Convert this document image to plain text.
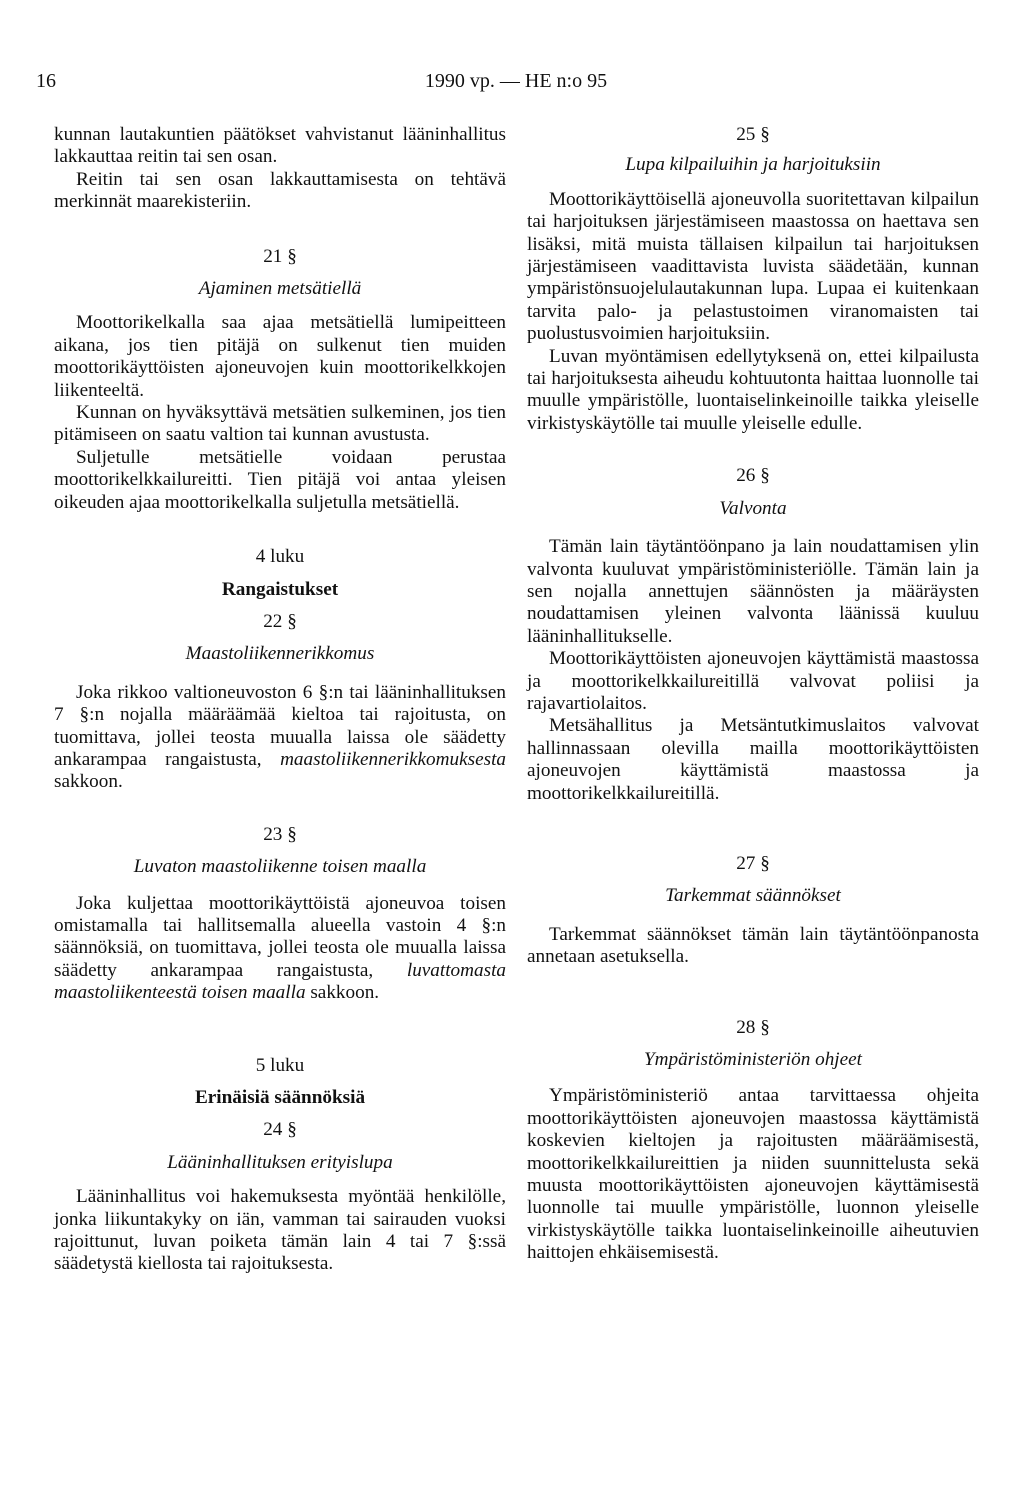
16	1990 vp. — HE n:o 95

kunnan lautakuntien päätökset vahvistanut lääninhallitus lakkauttaa reitin tai sen osan.

Reitin tai sen osan lakkauttamisesta on tehtävä merkinnät maarekisteriin.

21 §

Ajaminen metsätiellä

Moottorikelkalla saa ajaa metsätiellä lumipeitteen aikana, jos tien pitäjä on sulkenut tien muiden moottorikäyttöisten ajoneuvojen kuin moottorikelkkojen liikenteeltä.

Kunnan on hyväksyttävä metsätien sulkeminen, jos tien pitämiseen on saatu valtion tai kunnan avustusta.

Suljetulle metsätielle voidaan perustaa moottorikelkkailureitti. Tien pitäjä voi antaa yleisen oikeuden ajaa moottorikelkalla suljetulla metsätiellä.

4 luku

Rangaistukset

22 §

Maastoliikennerikkomus

Joka rikkoo valtioneuvoston 6 §:n tai lääninhallituksen 7 §:n nojalla määräämää kieltoa tai rajoitusta, on tuomittava, jollei teosta muualla laissa ole säädetty ankarampaa rangaistusta, maastoliikennerikkomuksesta sakkoon.

23 §

Luvaton maastoliikenne toisen maalla

Joka kuljettaa moottorikäyttöistä ajoneuvoa toisen omistamalla tai hallitsemalla alueella vastoin 4 §:n säännöksiä, on tuomittava, jollei teosta ole muualla laissa säädetty ankarampaa rangaistusta, luvattomasta maastoliikenteestä toisen maalla sakkoon.

5 luku

Erinäisiä säännöksiä

24 §

Lääninhallituksen erityislupa

Lääninhallitus voi hakemuksesta myöntää henkilölle, jonka liikuntakyky on iän, vamman tai sairauden vuoksi rajoittunut, luvan poiketa tämän lain 4 tai 7 §:ssä säädetystä kiellosta tai rajoituksesta.

25 §

Lupa kilpailuihin ja harjoituksiin

Moottorikäyttöisellä ajoneuvolla suoritettavan kilpailun tai harjoituksen järjestämiseen maastossa on haettava sen lisäksi, mitä muista tällaisen kilpailun tai harjoituksen järjestämiseen vaadittavista luvista säädetään, kunnan ympäristönsuojelulautakunnan lupa. Lupaa ei kuitenkaan tarvita palo- ja pelastustoimen viranomaisten tai puolustusvoimien harjoituksiin.

Luvan myöntämisen edellytyksenä on, ettei kilpailusta tai harjoituksesta aiheudu kohtuutonta haittaa luonnolle tai muulle ympäristölle, luontaiselinkeinoille taikka yleiselle virkistyskäytölle tai muulle yleiselle edulle.

26 §

Valvonta

Tämän lain täytäntöönpano ja lain noudattamisen ylin valvonta kuuluvat ympäristöministeriölle. Tämän lain ja sen nojalla annettujen säännösten ja määräysten noudattamisen yleinen valvonta läänissä kuuluu lääninhallitukselle.

Moottorikäyttöisten ajoneuvojen käyttämistä maastossa ja moottorikelkkailureitillä valvovat poliisi ja rajavartiolaitos.

Metsähallitus ja Metsäntutkimuslaitos valvovat hallinnassaan olevilla mailla moottorikäyttöisten ajoneuvojen käyttämistä maastossa ja moottorikelkkailureitillä.

27 §

Tarkemmat säännökset

Tarkemmat säännökset tämän lain täytäntöönpanosta annetaan asetuksella.

28 §

Ympäristöministeriön ohjeet

Ympäristöministeriö antaa tarvittaessa ohjeita moottorikäyttöisten ajoneuvojen maastossa käyttämistä koskevien kieltojen ja rajoitusten määräämisestä, moottorikelkkailureittien ja niiden suunnittelusta sekä muusta moottorikäyttöisten ajoneuvojen käyttämisestä luonnolle tai muulle ympäristölle, luonnon yleiselle virkistyskäytölle taikka luontaiselinkeinoille aiheutuvien haittojen ehkäisemisestä.
